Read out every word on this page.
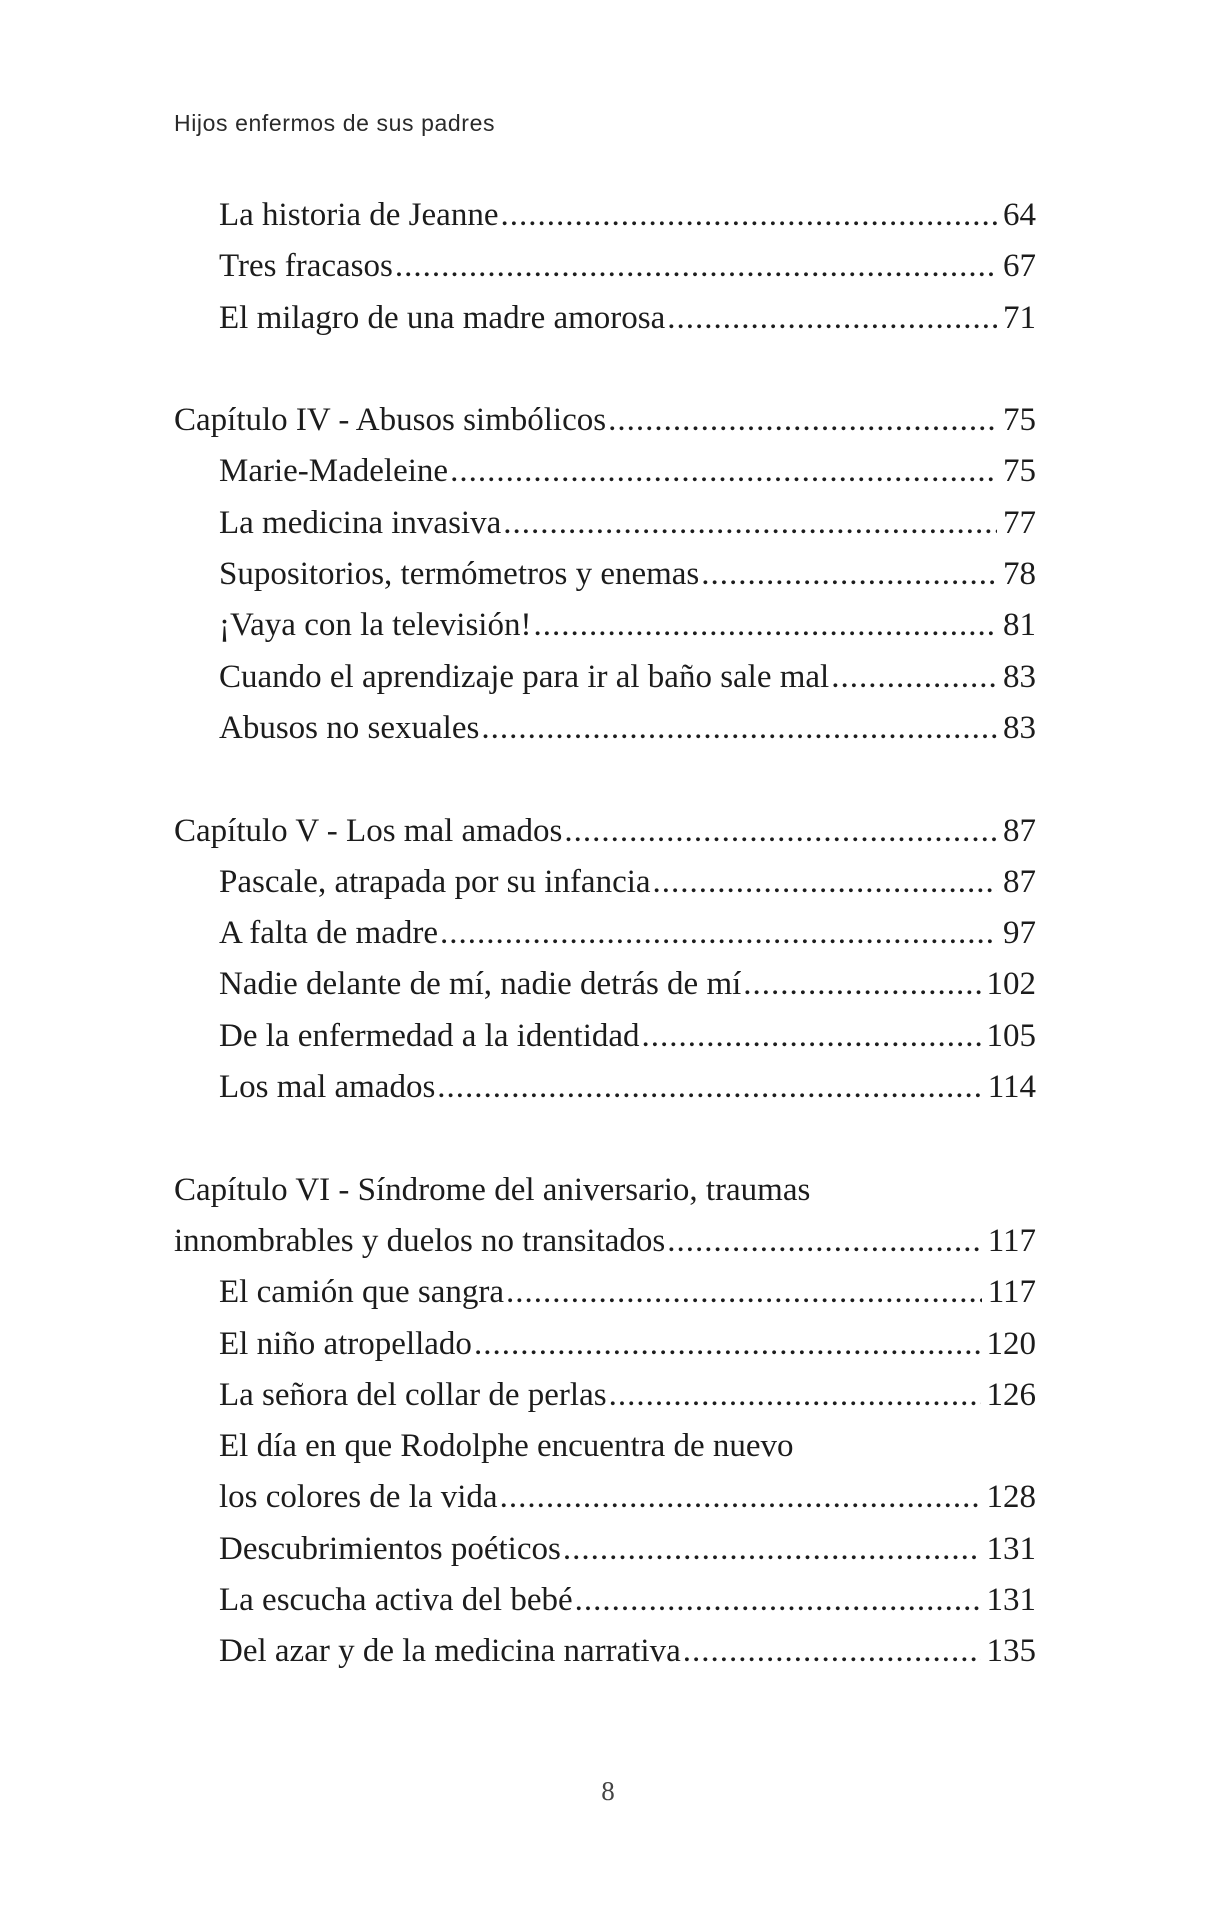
Hijos enfermos de sus padres
La historia de Jeanne .....	64
Tres fracasos .....	67
El milagro de una madre amorosa .....	71
Capítulo IV - Abusos simbólicos .....	75
Marie-Madeleine .....	75
La medicina invasiva .....	77
Supositorios, termómetros y enemas .....	78
¡Vaya con la televisión! .....	81
Cuando el aprendizaje para ir al baño sale mal .....	83
Abusos no sexuales .....	83
Capítulo V - Los mal amados .....	87
Pascale, atrapada por su infancia .....	87
A falta de madre .....	97
Nadie delante de mí, nadie detrás de mí .....	102
De la enfermedad a la identidad .....	105
Los mal amados .....	114
Capítulo VI - Síndrome del aniversario, traumas
innombrables y duelos no transitados .....	117
El camión que sangra .....	117
El niño atropellado .....	120
La señora del collar de perlas .....	126
El día en que Rodolphe encuentra de nuevo
los colores de la vida .....	128
Descubrimientos poéticos .....	131
La escucha activa del bebé .....	131
Del azar y de la medicina narrativa .....	135
8
